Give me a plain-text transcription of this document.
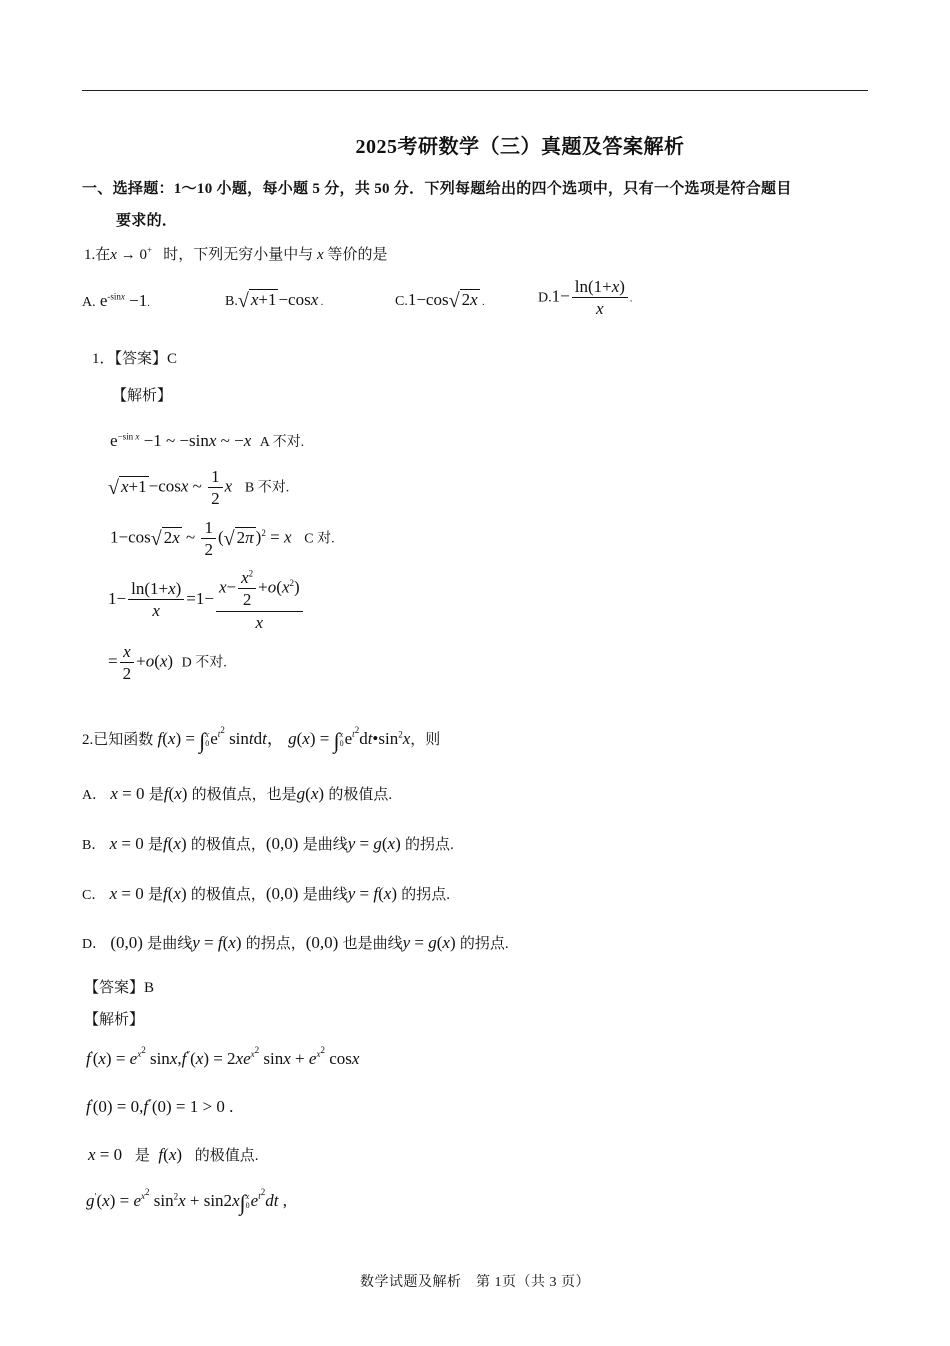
2025考研数学（三）真题及答案解析
一、选择题：1～10 小题，每小题 5 分，共 50 分．下列每题给出的四个选项中，只有一个选项是符合题目
要求的．
1.在x → 0+ 时，下列无穷小量中与 x 等价的是
A. $e^{-sinx} -1$.	B.√ x+1 −cosx .	C.1−cos√ 2x .	$D.1- \frac{\ln(1+x)}{x}$ .
1．【答案】C
【解析】
$e^{-sin x} -1$ ~ −sinx ~ −x A 不对.
√ x+1 −cosx ~ $\frac{1}{2}$ x B 不对.
1−cos√ 2x ~ $\frac{1}{2}$ (√ 2π )$^2$ = x C 对.
$1- \frac{\ln(1+x)}{x} =1- \frac{x- \frac{x^2}{2} +o(x^2)}{x}$
= $\frac{x}{2} +o(x)$  D 不对.
2.已知函数 f(x) = ∫ x
0 $e^{t^2}$ sintdt， g(x) = ∫ x
0 $e^{t^2}dt•\sin^2x$，则
A． x = 0 是f(x) 的极值点，也是g(x) 的极值点.
B． x = 0 是f(x) 的极值点，(0,0) 是曲线y = g(x) 的拐点.
C． x = 0 是f(x) 的极值点，(0,0) 是曲线y = f(x) 的拐点.
D． (0,0) 是曲线y = f(x) 的拐点，(0,0) 也是曲线y = g(x) 的拐点.
【答案】B
【解析】
$f'(x) = e^{x^2}$ $\sin x,f''(x) = 2xe^{x^2}$ $\sin x + e^{x^2}$ cosx
f′(0) = 0,f″(0) = 1 > 0 .
x = 0   是 f(x)   的极值点.
$g'(x) = e^{x^2}$ $\sin^2x + \sin 2x\int$ x
0 $e^{t^2}dt$ ,
数学试题及解析　第 1页（共 3 页）
